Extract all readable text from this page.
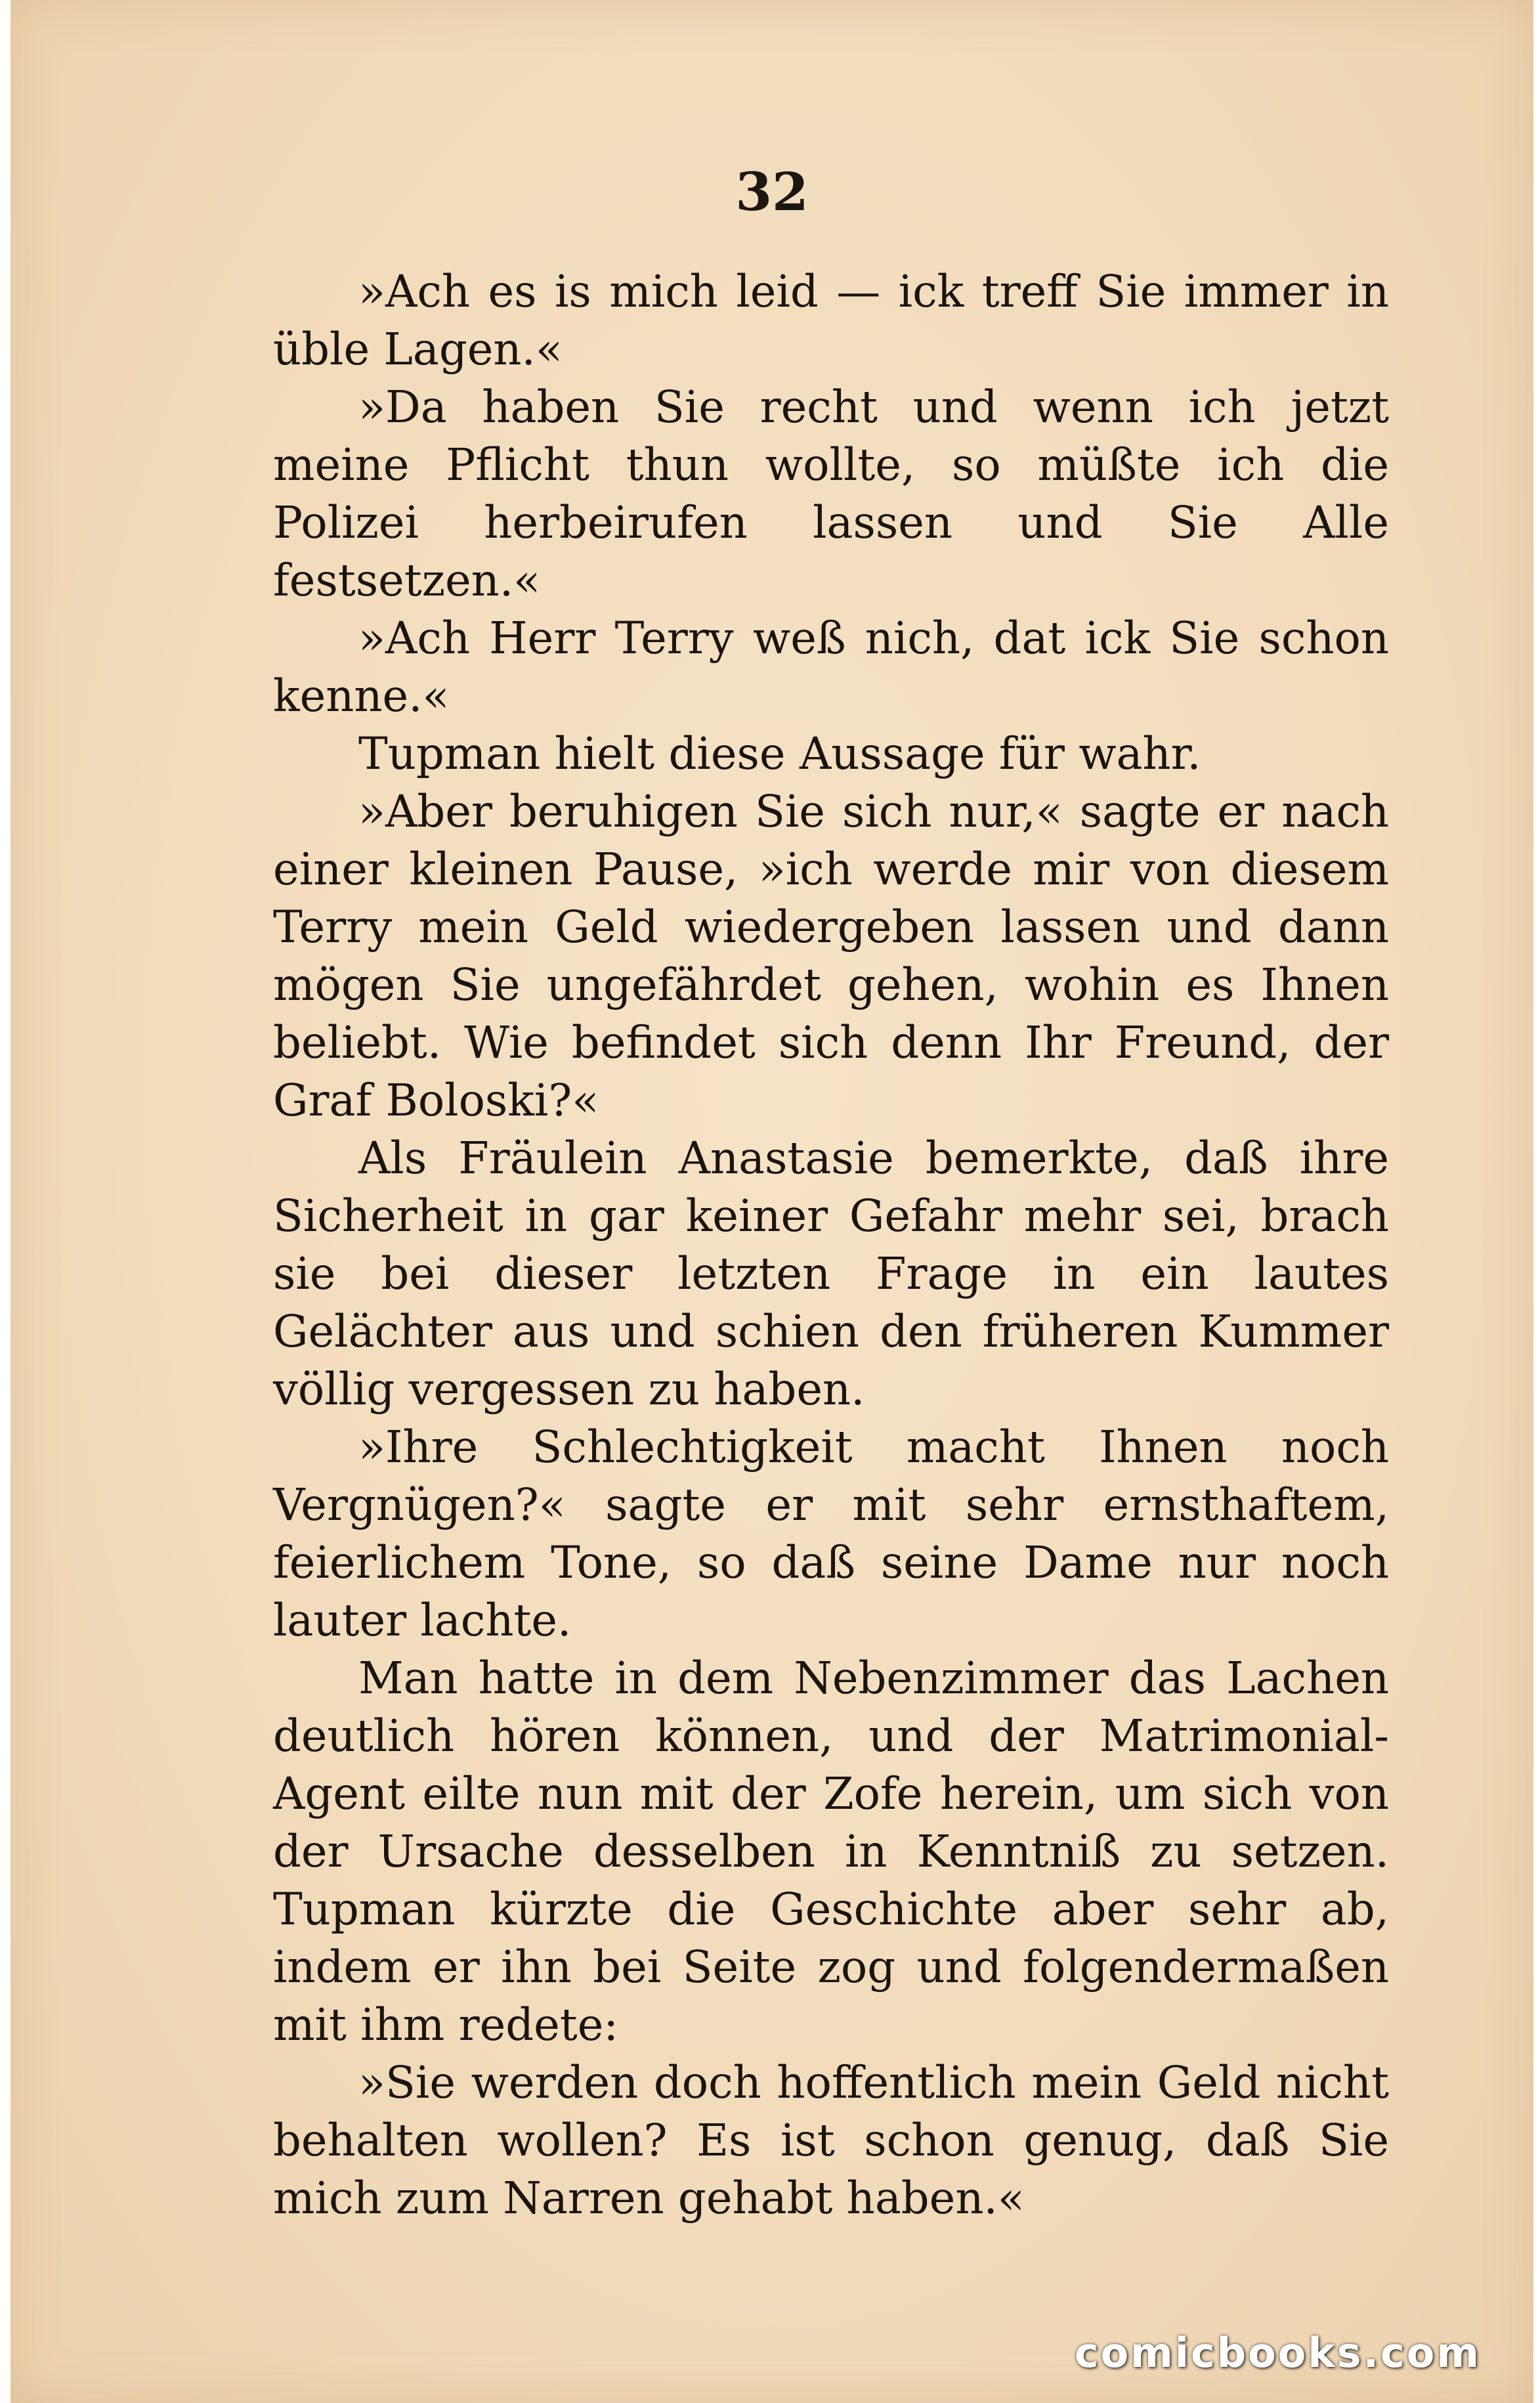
32

»Ach es is mich leid — ick treff Sie immer in üble Lagen.«

»Da haben Sie recht und wenn ich jetzt meine Pflicht thun wollte, so müßte ich die Polizei herbeirufen lassen und Sie Alle festsetzen.«

»Ach Herr Terry weß nich, dat ick Sie schon kenne.«

Tupman hielt diese Aussage für wahr.

»Aber beruhigen Sie sich nur,« sagte er nach einer kleinen Pause, »ich werde mir von diesem Terry mein Geld wiedergeben lassen und dann mögen Sie ungefährdet gehen, wohin es Ihnen beliebt. Wie befindet sich denn Ihr Freund, der Graf Boloski?«

Als Fräulein Anastasie bemerkte, daß ihre Sicherheit in gar keiner Gefahr mehr sei, brach sie bei dieser letzten Frage in ein lautes Gelächter aus und schien den früheren Kummer völlig vergessen zu haben.

»Ihre Schlechtigkeit macht Ihnen noch Vergnügen?« sagte er mit sehr ernsthaftem, feierlichem Tone, so daß seine Dame nur noch lauter lachte.

Man hatte in dem Nebenzimmer das Lachen deutlich hören können, und der Matrimonial-Agent eilte nun mit der Zofe herein, um sich von der Ursache desselben in Kenntniß zu setzen. Tupman kürzte die Geschichte aber sehr ab, indem er ihn bei Seite zog und folgendermaßen mit ihm redete:

»Sie werden doch hoffentlich mein Geld nicht behalten wollen? Es ist schon genug, daß Sie mich zum Narren gehabt haben.«

comicbooks.com
